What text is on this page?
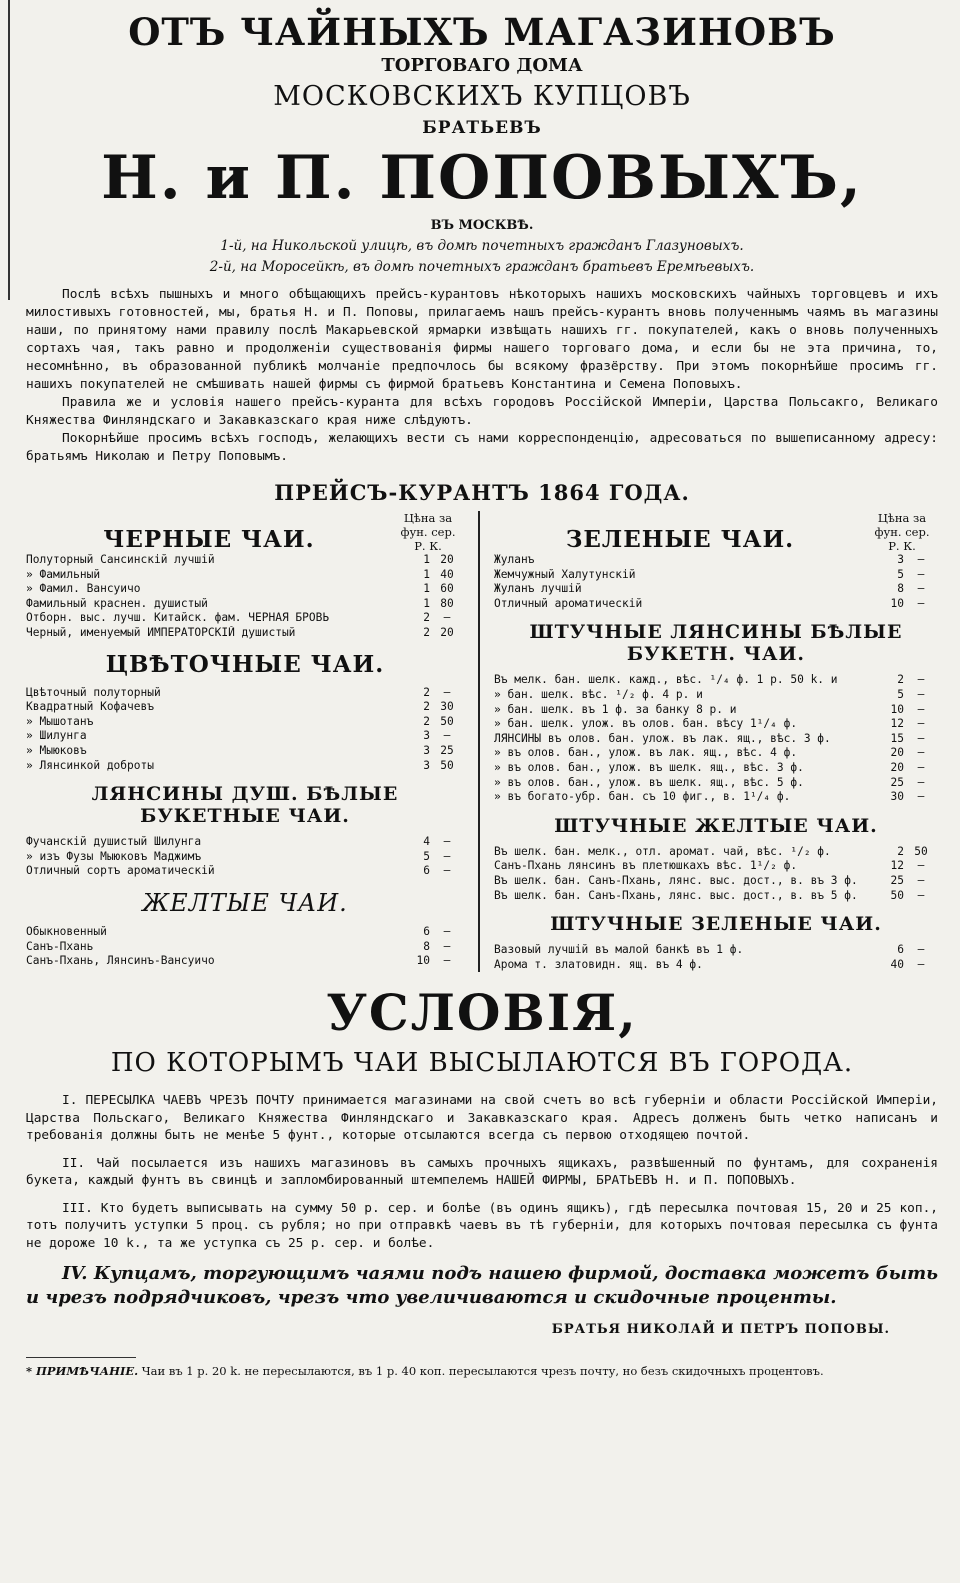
ОТЪ ЧАЙНЫХЪ МАГАЗИНОВЪ

ТОРГОВАГО ДОМА

МОСКОВСКИХЪ КУПЦОВЪ

БРАТЬЕВЪ

Н. и П. ПОПОВЫХЪ,

ВЪ МОСКВѢ.

1-й, на Никольской улицѣ, въ домѣ почетныхъ гражданъ Глазуновыхъ.

2-й, на Моросейкѣ, въ домѣ почетныхъ гражданъ братьевъ Еремѣевыхъ.

Послѣ всѣхъ пышныхъ и много обѣщающихъ прейсъ-курантовъ нѣкоторыхъ нашихъ московскихъ чайныхъ торговцевъ и ихъ милостивыхъ готовностей, мы, братья Н. и П. Поповы, прилагаемъ нашъ прейсъ-курантъ вновь полученнымъ чаямъ въ магазины наши, по принятому нами правилу послѣ Макарьевской ярмарки извѣщать нашихъ гг. покупателей, какъ о вновь полученныхъ сортахъ чая, такъ равно и продолженіи существованія фирмы нашего торговаго дома, и если бы не эта причина, то, несомнѣнно, въ образованной публикѣ молчаніе предпочлось бы всякому фразёрству. При этомъ покорнѣйше просимъ гг. нашихъ покупателей не смѣшивать нашей фирмы съ фирмой братьевъ Константина и Семена Поповыхъ.

Правила же и условія нашего прейсъ-куранта для всѣхъ городовъ Россійской Имперіи, Царства Польсакго, Великаго Княжества Финляндскаго и Закавказскаго края ниже слѣдуютъ.

Покорнѣйше просимъ всѣхъ господъ, желающихъ вести съ нами корреспонденцію, адресоваться по вышеписанному адресу: братьямъ Николаю и Петру Поповымъ.

ПРЕЙСЪ-КУРАНТЪ 1864 ГОДА.
ЧЕРНЫЕ ЧАИ.
Цѣна за
фун. сер.
Р. К.
Полуторный Сансинскій лучшій	1 20
» Фамильный	1 40
» Фамил. Вансуичо	1 60
Фамильный краснен. душистый	1 80
Отборн. выс. лучш. Китайск. фам. ЧЕРНАЯ БРОВЬ	2	—
Черный, именуемый ИМПЕРАТОРСКІЙ душистый	2 20
ЦВѢТОЧНЫЕ ЧАИ.
Цвѣточный полуторный	2	—
Квадратный Кофачевъ	2 30
» Мышотанъ	2 50
» Шилунга	3	—
» Мыюковъ	3 25
» Лянсинкой доброты	3 50
ЛЯНСИНЫ ДУШ. БѢЛЫЕ БУКЕТНЫЕ ЧАИ.
Фучанскій душистый Шилунга	4	—
» изъ Фузы Мыюковъ Маджимъ	5	—
Отличный сортъ ароматическій	6	—
ЖЕЛТЫЕ ЧАИ.
Обыкновенный	6	—
Санъ-Пхань	8	—
Санъ-Пхань, Лянсинъ-Вансуичо	10	—
ЗЕЛЕНЫЕ ЧАИ.
Цѣна за
фун. сер.
Р. К.
Жуланъ	3	—
Жемчужный Халутунскій	5	—
Жуланъ лучшій	8	—
Отличный ароматическій	10	—
ШТУЧНЫЕ ЛЯНСИНЫ БѢЛЫЕ БУКЕТН. ЧАИ.
Въ мелк. бан. шелк. кажд., вѣс. ¹/₄ ф. 1 р. 50 k. и	2	—
» бан. шелк. вѣс. ¹/₂ ф. 4 р. и	5	—
» бан. шелк. въ 1 ф. за банку 8 р. и	10	—
» бан. шелк. улож. въ олов. бан. вѣсу 1¹/₄ ф.	12	—
ЛЯНСИНЫ въ олов. бан. улож. въ лак. ящ., вѣс. 3 ф.	15	—
» въ олов. бан., улож. въ лак. ящ., вѣс. 4 ф.	20	—
» въ олов. бан., улож. въ шелк. ящ., вѣс. 3 ф.	20	—
» въ олов. бан., улож. въ шелк. ящ., вѣс. 5 ф.	25	—
» въ богато-убр. бан. съ 10 фиг., в. 1¹/₄ ф.	30	—
ШТУЧНЫЕ ЖЕЛТЫЕ ЧАИ.
Въ шелк. бан. мелк., отл. аромат. чай, вѣс. ¹/₂ ф.	2 50
Санъ-Пхань лянсинъ въ плетюшкахъ вѣс. 1¹/₂ ф.	12	—
Въ шелк. бан. Санъ-Пхань, лянс. выс. дост., в. въ 3 ф.	25	—
Въ шелк. бан. Санъ-Пхань, лянс. выс. дост., в. въ 5 ф.	50	—
ШТУЧНЫЕ ЗЕЛЕНЫЕ ЧАИ.
Вазовый лучшій въ малой банкѣ въ 1 ф.	6	—
Арома т. златовидн. ящ. въ 4 ф.	40	—

УСЛОВІЯ,

ПО КОТОРЫМЪ ЧАИ ВЫСЫЛАЮТСЯ ВЪ ГОРОДА.

I. ПЕРЕСЫЛКА ЧАЕВЪ ЧРЕЗЪ ПОЧТУ принимается магазинами на свой счетъ во всѣ губерніи и области Россійской Имперіи, Царства Польскаго, Великаго Княжества Финляндскаго и Закавказскаго края. Адресъ долженъ быть четко написанъ и требованія должны быть не менѣе 5 фунт., которые отсылаются всегда съ первою отходящею почтой.

II. Чай посылается изъ нашихъ магазиновъ въ самыхъ прочныхъ ящикахъ, развѣшенный по фунтамъ, для сохраненія букета, каждый фунтъ въ свинцѣ и запломбированный штемпелемъ НАШЕЙ ФИРМЫ, БРАТЬЕВЪ Н. и П. ПОПОВЫХЪ.

III. Кто будетъ выписывать на сумму 50 р. сер. и болѣе (въ одинъ ящикъ), гдѣ пересылка почтовая 15, 20 и 25 коп., тотъ получитъ уступки 5 проц. съ рубля; но при отправкѣ чаевъ въ тѣ губерніи, для которыхъ почтовая пересылка съ фунта не дороже 10 k., та же уступка съ 25 р. сер. и болѣе.

IV. Купцамъ, торгующимъ чаями подъ нашею фирмой, доставка можетъ быть и чрезъ подрядчиковъ, чрезъ что увеличиваются и скидочные проценты.

БРАТЬЯ НИКОЛАЙ И ПЕТРЪ ПОПОВЫ.
* ПРИМѢЧАНІЕ. Чаи въ 1 р. 20 k. не пересылаются, въ 1 р. 40 коп. пересылаются чрезъ почту, но безъ скидочныхъ процентовъ.
